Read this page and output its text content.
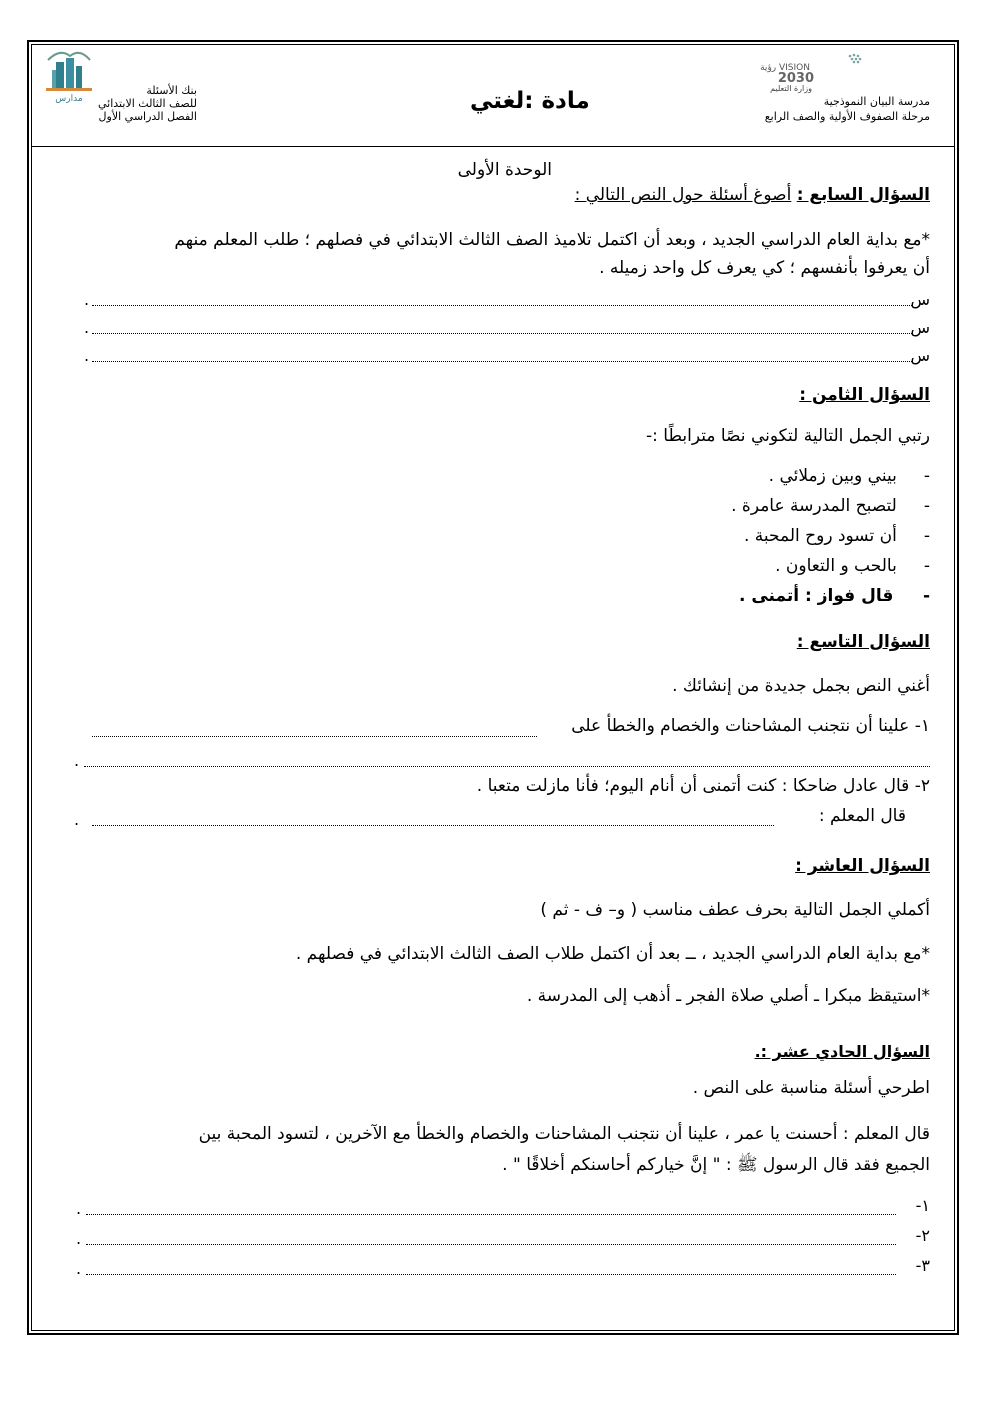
VISION رؤية
2030
وزارة التعليم
مدرسة البيان النموذجية
مرحلة الصفوف الأولية والصف الرابع
مادة :لغتي
بنك الأسئلة
للصف الثالث الابتدائي
الفصل الدراسي الأول
مدارس
الوحدة الأولى
السؤال السابع : أصوغ أسئلة حول النص التالي :
*مع بداية العام الدراسي الجديد ، وبعد أن اكتمل تلاميذ الصف الثالث الابتدائي في فصلهم ؛ طلب المعلم منهم
أن يعرفوا بأنفسهم ؛ كي يعرف كل واحد زميله .
س
.
س
.
س
.
السؤال الثامن :
رتبي الجمل التالية لتكوني نصًا مترابطًا :-
-     بيني وبين زملائي .
-     لتصبح المدرسة عامرة .
-     أن تسود روح المحبة .
-     بالحب و التعاون .
-     قال فواز : أتمنى .
السؤال التاسع :
أغني النص بجمل جديدة من إنشائك .
١- علينا أن نتجنب المشاحنات والخصام والخطأ على
.
٢- قال عادل ضاحكا : كنت أتمنى أن أنام اليوم؛ فأنا مازلت متعبا .
قال المعلم :
.
السؤال العاشر :
أكملي الجمل التالية بحرف عطف مناسب ( و– ف - ثم )
*مع بداية العام الدراسي الجديد ، ــ بعد أن اكتمل طلاب الصف الثالث الابتدائي في فصلهم .
*استيقظ مبكرا ـ أصلي صلاة الفجر ـ أذهب إلى المدرسة .
السؤال الحادي عشر :.
اطرحي أسئلة مناسبة على النص .
قال المعلم : أحسنت يا عمر ، علينا أن نتجنب المشاحنات والخصام والخطأ مع الآخرين ، لتسود المحبة بين
الجميع فقد قال الرسول ﷺ : " إنَّ خياركم أحاسنكم أخلاقًا " .
١-
.
٢-
.
٣-
.
